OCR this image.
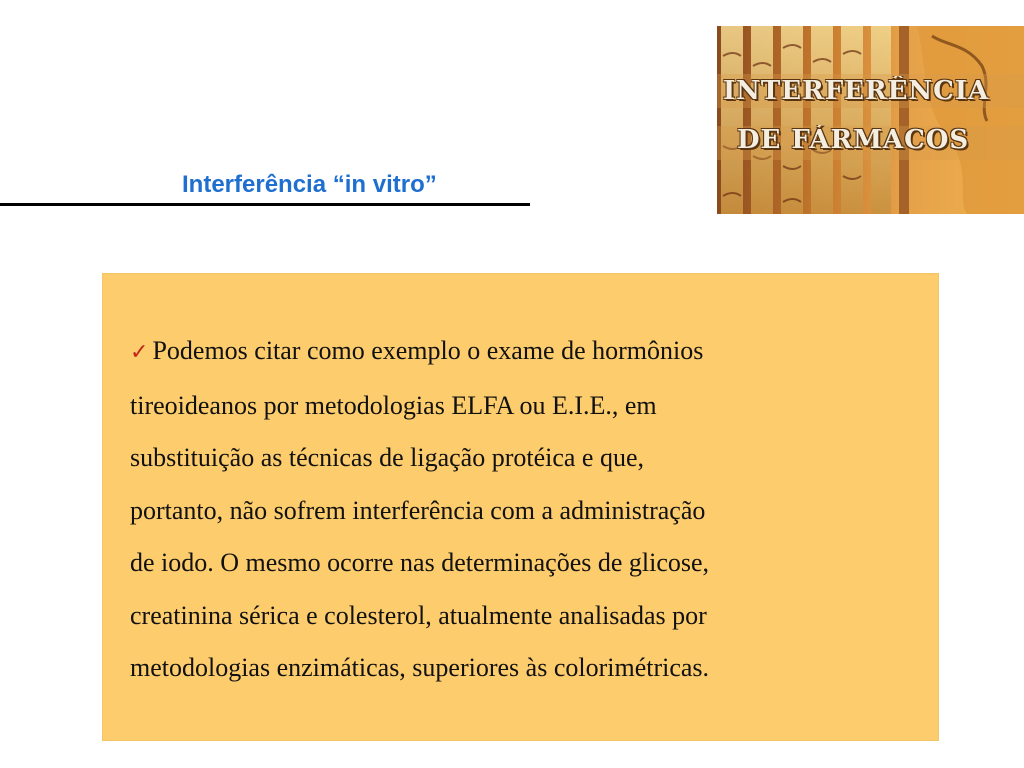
Interferência “in vitro”
INTERFERÊNCIA
DE FÁRMACOS

✓ Podemos citar como exemplo o exame de hormônios
tireoideanos por metodologias ELFA ou E.I.E., em
substituição as técnicas de ligação protéica e que,
portanto, não sofrem interferência com a administração
de iodo. O mesmo ocorre nas determinações de glicose,
creatinina sérica e colesterol, atualmente analisadas por
metodologias enzimáticas, superiores às colorimétricas.
